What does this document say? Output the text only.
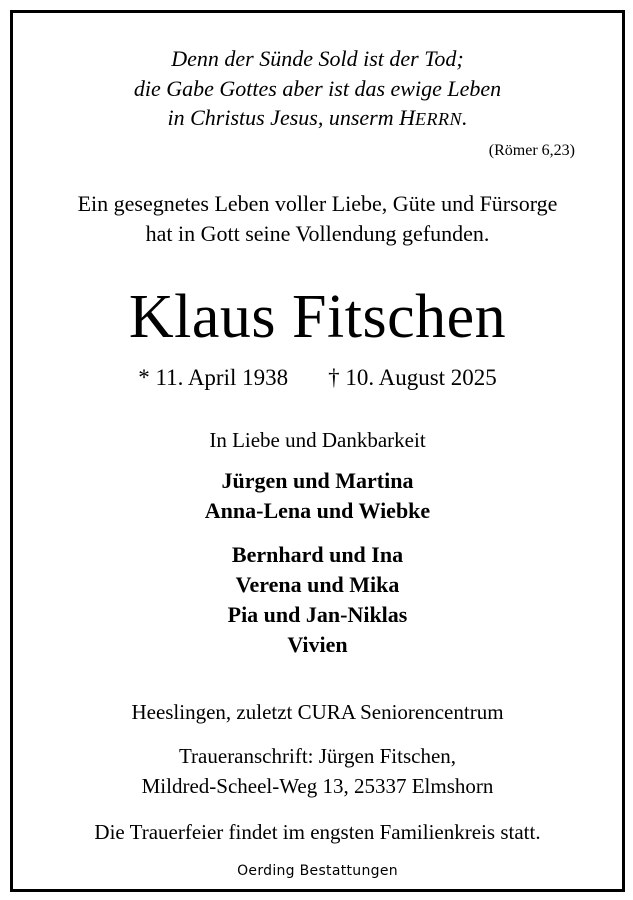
Denn der Sünde Sold ist der Tod;
die Gabe Gottes aber ist das ewige Leben
in Christus Jesus, unserm HERRN.
(Römer 6,23)
Ein gesegnetes Leben voller Liebe, Güte und Fürsorge
hat in Gott seine Vollendung gefunden.
Klaus Fitschen
* 11. April 1938 † 10. August 2025
In Liebe und Dankbarkeit
Jürgen und Martina
Anna-Lena und Wiebke
Bernhard und Ina
Verena und Mika
Pia und Jan-Niklas
Vivien
Heeslingen, zuletzt CURA Seniorencentrum
Traueranschrift: Jürgen Fitschen,
Mildred-Scheel-Weg 13, 25337 Elmshorn
Die Trauerfeier findet im engsten Familienkreis statt.
Oerding Bestattungen
